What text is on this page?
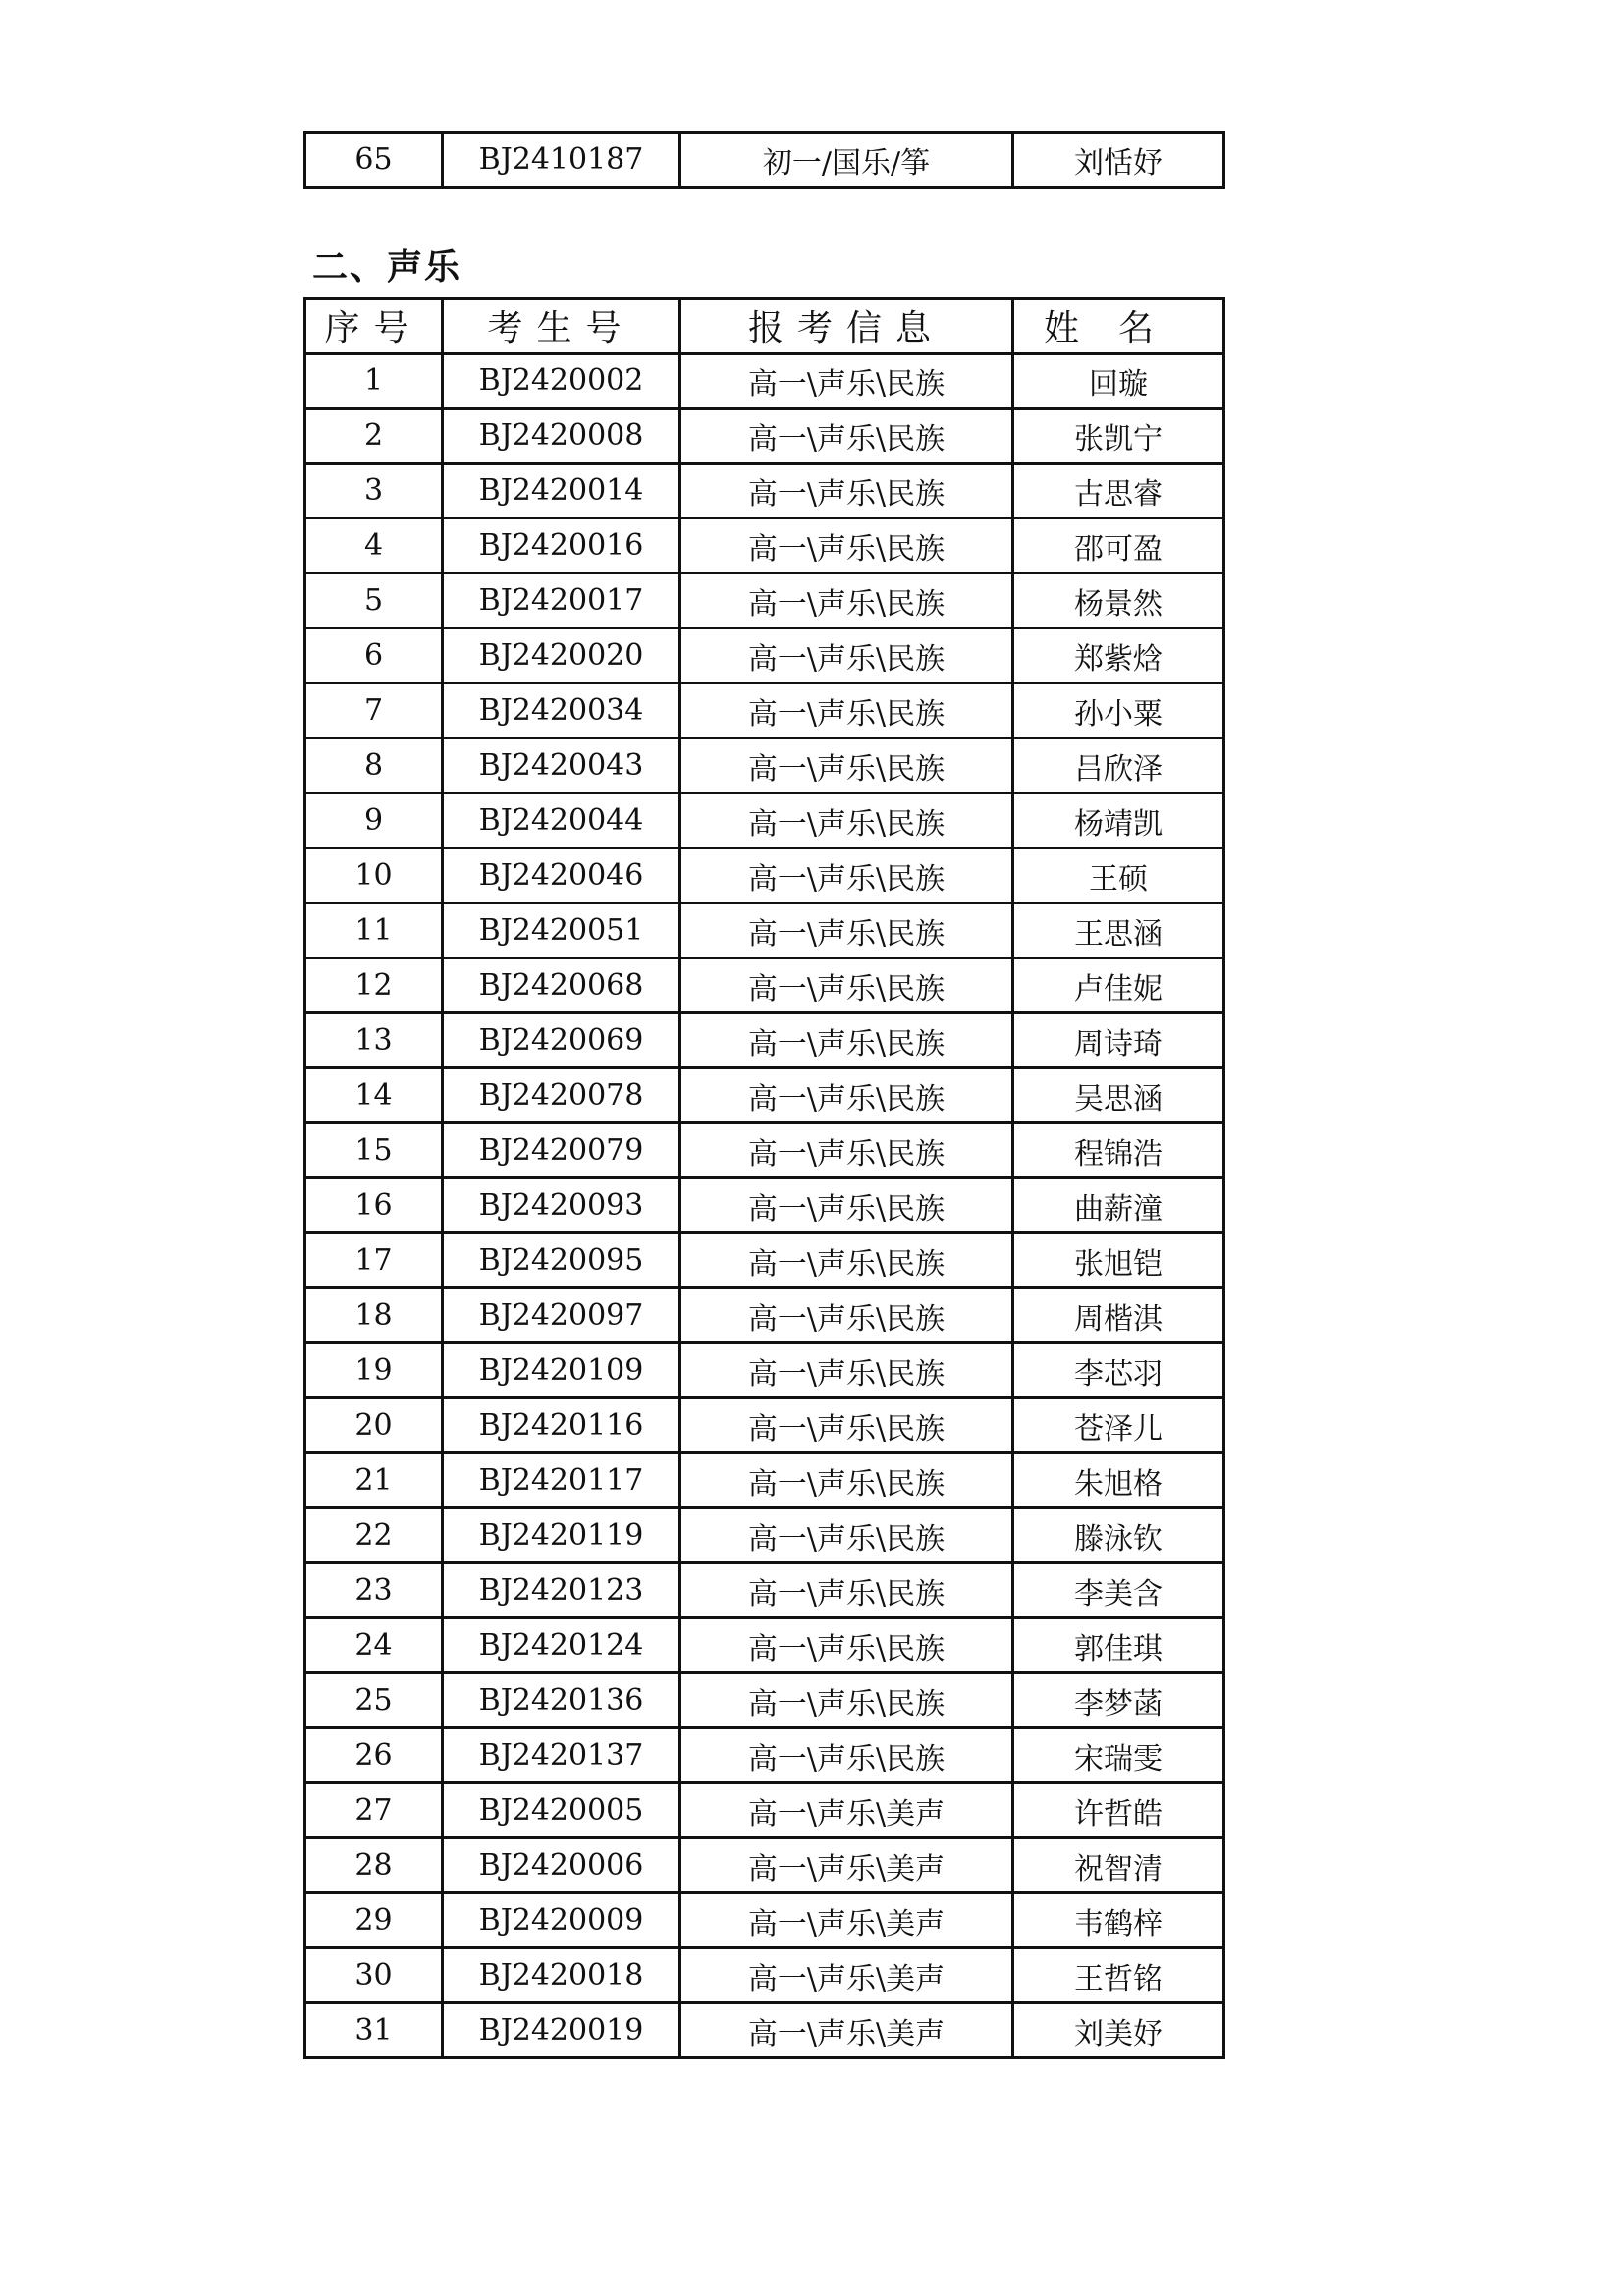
65	BJ2410187	初一/国乐/筝	刘恬妤
二、声乐
序号	考生号	报考信息	姓名
1	BJ2420002	高一\声乐\民族	回璇
2	BJ2420008	高一\声乐\民族	张凯宁
3	BJ2420014	高一\声乐\民族	古思睿
4	BJ2420016	高一\声乐\民族	邵可盈
5	BJ2420017	高一\声乐\民族	杨景然
6	BJ2420020	高一\声乐\民族	郑紫焓
7	BJ2420034	高一\声乐\民族	孙小粟
8	BJ2420043	高一\声乐\民族	吕欣泽
9	BJ2420044	高一\声乐\民族	杨靖凯
10	BJ2420046	高一\声乐\民族	王硕
11	BJ2420051	高一\声乐\民族	王思涵
12	BJ2420068	高一\声乐\民族	卢佳妮
13	BJ2420069	高一\声乐\民族	周诗琦
14	BJ2420078	高一\声乐\民族	吴思涵
15	BJ2420079	高一\声乐\民族	程锦浩
16	BJ2420093	高一\声乐\民族	曲薪潼
17	BJ2420095	高一\声乐\民族	张旭铠
18	BJ2420097	高一\声乐\民族	周楷淇
19	BJ2420109	高一\声乐\民族	李芯羽
20	BJ2420116	高一\声乐\民族	苍泽儿
21	BJ2420117	高一\声乐\民族	朱旭格
22	BJ2420119	高一\声乐\民族	滕泳钦
23	BJ2420123	高一\声乐\民族	李美含
24	BJ2420124	高一\声乐\民族	郭佳琪
25	BJ2420136	高一\声乐\民族	李梦菡
26	BJ2420137	高一\声乐\民族	宋瑞雯
27	BJ2420005	高一\声乐\美声	许哲皓
28	BJ2420006	高一\声乐\美声	祝智清
29	BJ2420009	高一\声乐\美声	韦鹤梓
30	BJ2420018	高一\声乐\美声	王哲铭
31	BJ2420019	高一\声乐\美声	刘美妤
